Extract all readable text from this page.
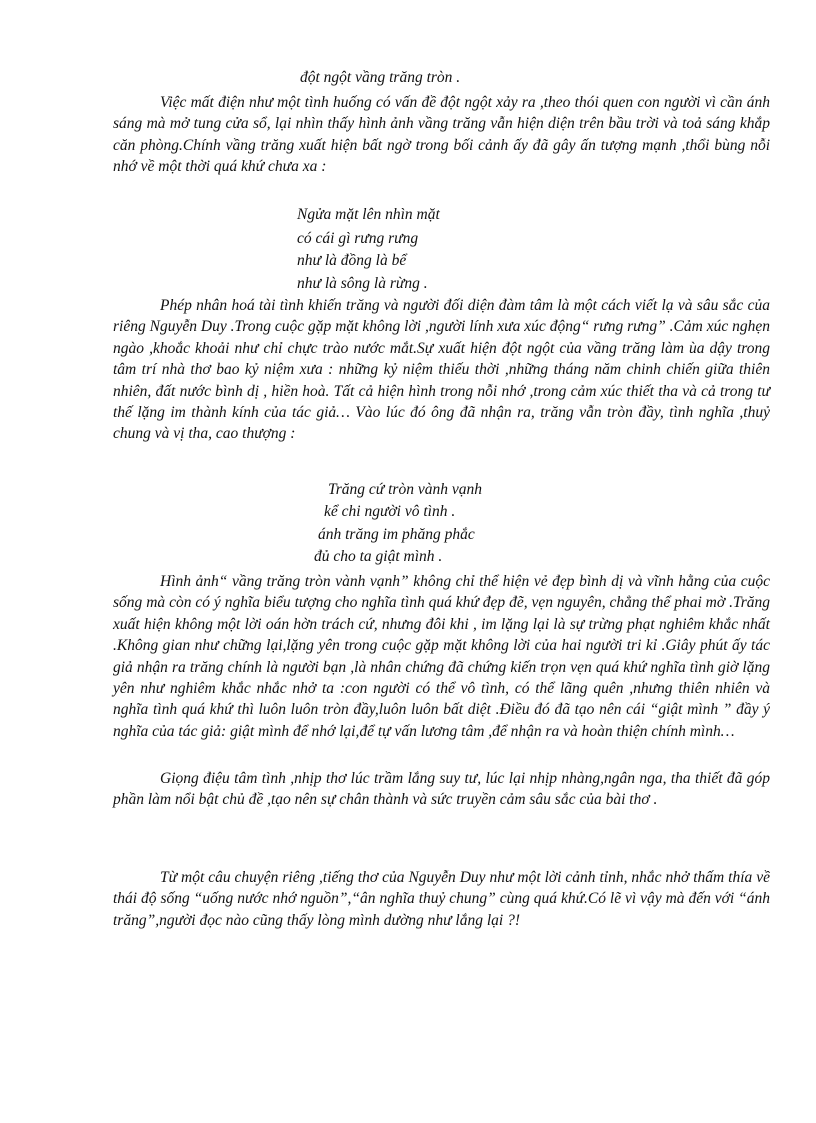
đột ngột vầng trăng tròn .

Việc mất điện như một tình huống có vấn đề đột ngột xảy ra ,theo thói quen con người vì cần ánh sáng mà mở tung cửa sổ, lại nhìn thấy hình ảnh vầng trăng vẫn hiện diện trên bầu trời và toả sáng khắp căn phòng.Chính vầng trăng xuất hiện bất ngờ trong bối cảnh ấy đã gây ấn tượng mạnh ,thổi bùng nỗi nhớ về một thời quá khứ chưa xa :

Ngửa mặt lên nhìn mặt
có cái gì rưng rưng
như là đồng là bể
như là sông là rừng .

Phép nhân hoá tài tình khiến trăng và người đối diện đàm tâm là một cách viết lạ và sâu sắc của riêng Nguyễn Duy .Trong cuộc gặp mặt không lời ,người lính xưa xúc động“ rưng rưng” .Cảm xúc nghẹn ngào ,khoắc khoải như chỉ chực trào nước mắt.Sự xuất hiện đột ngột của vầng trăng làm ùa dậy trong tâm trí nhà thơ bao kỷ niệm xưa : những kỷ niệm thiếu thời ,những tháng năm chinh chiến giữa thiên nhiên, đất nước bình dị , hiền hoà. Tất cả hiện hình trong nỗi nhớ ,trong cảm xúc thiết tha và cả trong tư thế lặng im thành kính của tác giả… Vào lúc đó ông đã nhận ra, trăng vẫn tròn đầy, tình nghĩa ,thuỷ chung và vị tha, cao thượng :

Trăng cứ tròn vành vạnh
kể chi người vô tình .
ánh trăng im phăng phắc
đủ cho ta giật mình .

Hình ảnh“ vầng trăng tròn vành vạnh” không chỉ thể hiện vẻ đẹp bình dị và vĩnh hằng của cuộc sống mà còn có ý nghĩa biểu tượng cho nghĩa tình quá khứ đẹp đẽ, vẹn nguyên, chẳng thể phai mờ .Trăng xuất hiện không một lời oán hờn trách cứ, nhưng đôi khi , im lặng lại là sự trừng phạt nghiêm khắc nhất .Không gian như chững lại,lặng yên trong cuộc gặp mặt không lời của hai người tri kỉ .Giây phút ấy tác giả nhận ra trăng chính là người bạn ,là nhân chứng đã chứng kiến trọn vẹn quá khứ nghĩa tình giờ lặng yên như nghiêm khắc nhắc nhở ta :con người có thể vô tình, có thể lãng quên ,nhưng thiên nhiên và nghĩa tình quá khứ thì luôn luôn tròn đầy,luôn luôn bất diệt .Điều đó đã tạo nên cái “giật mình ” đầy ý nghĩa của tác giả: giật mình để nhớ lại,để tự vấn lương tâm ,để nhận ra và hoàn thiện chính mình…

Giọng điệu tâm tình ,nhịp thơ lúc trầm lắng suy tư, lúc lại nhịp nhàng,ngân nga, tha thiết đã góp phần làm nổi bật chủ đề ,tạo nên sự chân thành và sức truyền cảm sâu sắc của bài thơ .

Từ một câu chuyện riêng ,tiếng thơ của Nguyễn Duy như một lời cảnh tỉnh, nhắc nhở thấm thía về thái độ sống “uống nước nhớ nguồn”,“ân nghĩa thuỷ chung” cùng quá khứ.Có lẽ vì vậy mà đến với “ánh trăng”,người đọc nào cũng thấy lòng mình dường như lắng lại ?!
